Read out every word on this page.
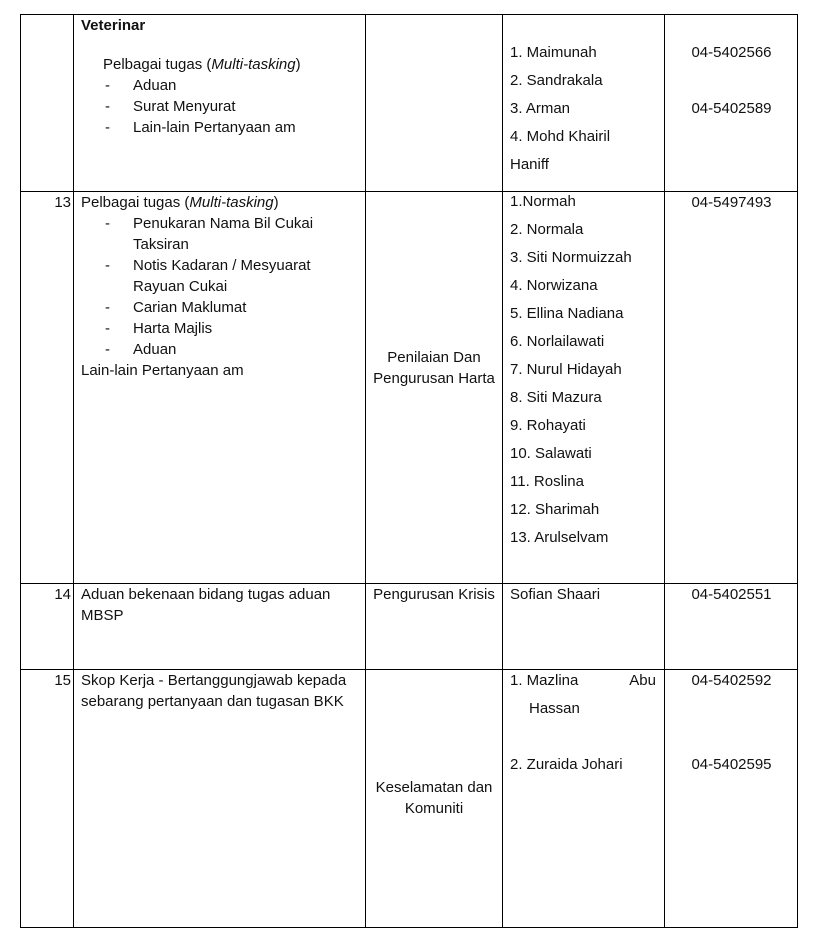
Veterinar
Pelbagai tugas (Multi-tasking)
- Aduan
- Surat Menyurat
- Lain-lain Pertanyaan am
1. Maimunah
2. Sandrakala
3. Arman
4. Mohd Khairil
Haniff
04-5402566
04-5402589
13 Pelbagai tugas (Multi-tasking)
- Penukaran Nama Bil Cukai Taksiran
- Notis Kadaran / Mesyuarat Rayuan Cukai
- Carian Maklumat
- Harta Majlis
- Aduan
Lain-lain Pertanyaan am
Penilaian Dan Pengurusan Harta
1.Normah
2. Normala
3. Siti Normuizzah
4. Norwizana
5. Ellina Nadiana
6. Norlailawati
7. Nurul Hidayah
8. Siti Mazura
9. Rohayati
10. Salawati
11. Roslina
12. Sharimah
13. Arulselvam
04-5497493
14 Aduan bekenaan bidang tugas aduan MBSP
Pengurusan Krisis Sofian Shaari	04-5402551
15 Skop Kerja - Bertanggungjawab kepada sebarang pertanyaan dan tugasan BKK
Keselamatan dan Komuniti
1. Mazlina	Abu
Hassan
2. Zuraida Johari
04-5402592
04-5402595
